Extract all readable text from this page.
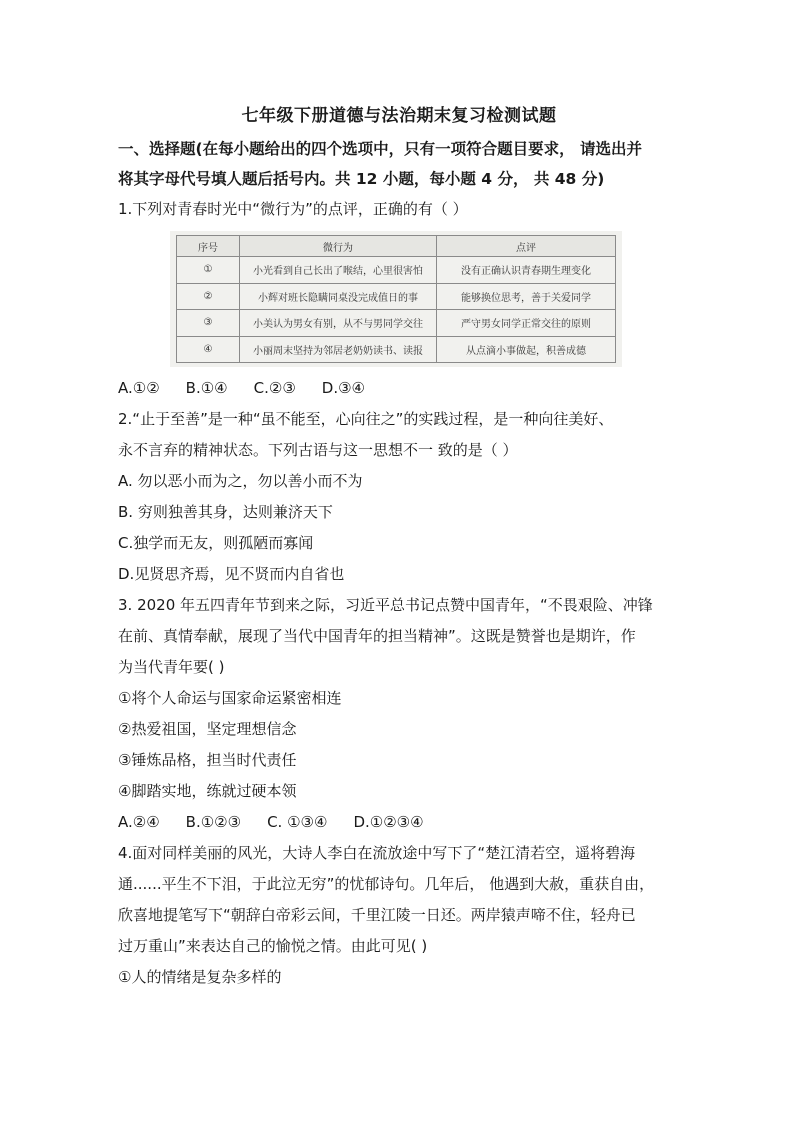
七年级下册道德与法治期末复习检测试题

一、选择题(在每小题给出的四个选项中，只有一项符合题目要求， 请选出并

将其字母代号填人题后括号内。共 12 小题，每小题 4 分， 共 48 分)

1.下列对青春时光中“微行为”的点评，正确的有（ ）

序号	微行为	点评
①	小光看到自己长出了喉结，心里很害怕	没有正确认识青春期生理变化
②	小辉对班长隐瞒同桌没完成值日的事	能够换位思考，善于关爱同学
③	小美认为男女有别，从不与男同学交往	严守男女同学正常交往的原则
④	小丽周末坚持为邻居老奶奶读书、读报	从点滴小事做起，积善成德

A.①② B.①④ C.②③ D.③④

2.“止于至善”是一种“虽不能至，心向往之”的实践过程，是一种向往美好、

永不言弃的精神状态。下列古语与这一思想不一 致的是（ ）

A. 勿以恶小而为之，勿以善小而不为

B. 穷则独善其身，达则兼济天下

C.独学而无友，则孤陋而寡闻

D.见贤思齐焉，见不贤而内自省也

3. 2020 年五四青年节到来之际，习近平总书记点赞中国青年，“不畏艰险、冲锋

在前、真情奉献，展现了当代中国青年的担当精神”。这既是赞誉也是期许，作

为当代青年要( )

①将个人命运与国家命运紧密相连

②热爱祖国，坚定理想信念

③锤炼品格，担当时代责任

④脚踏实地，练就过硬本领

A.②④ B.①②③ C. ①③④ D.①②③④

4.面对同样美丽的风光，大诗人李白在流放途中写下了“楚江清若空，遥将碧海

通......平生不下泪，于此泣无穷”的忧郁诗句。几年后， 他遇到大赦，重获自由，

欣喜地提笔写下“朝辞白帝彩云间，千里江陵一日还。两岸猿声啼不住，轻舟已

过万重山”来表达自己的愉悦之情。由此可见( )

①人的情绪是复杂多样的
